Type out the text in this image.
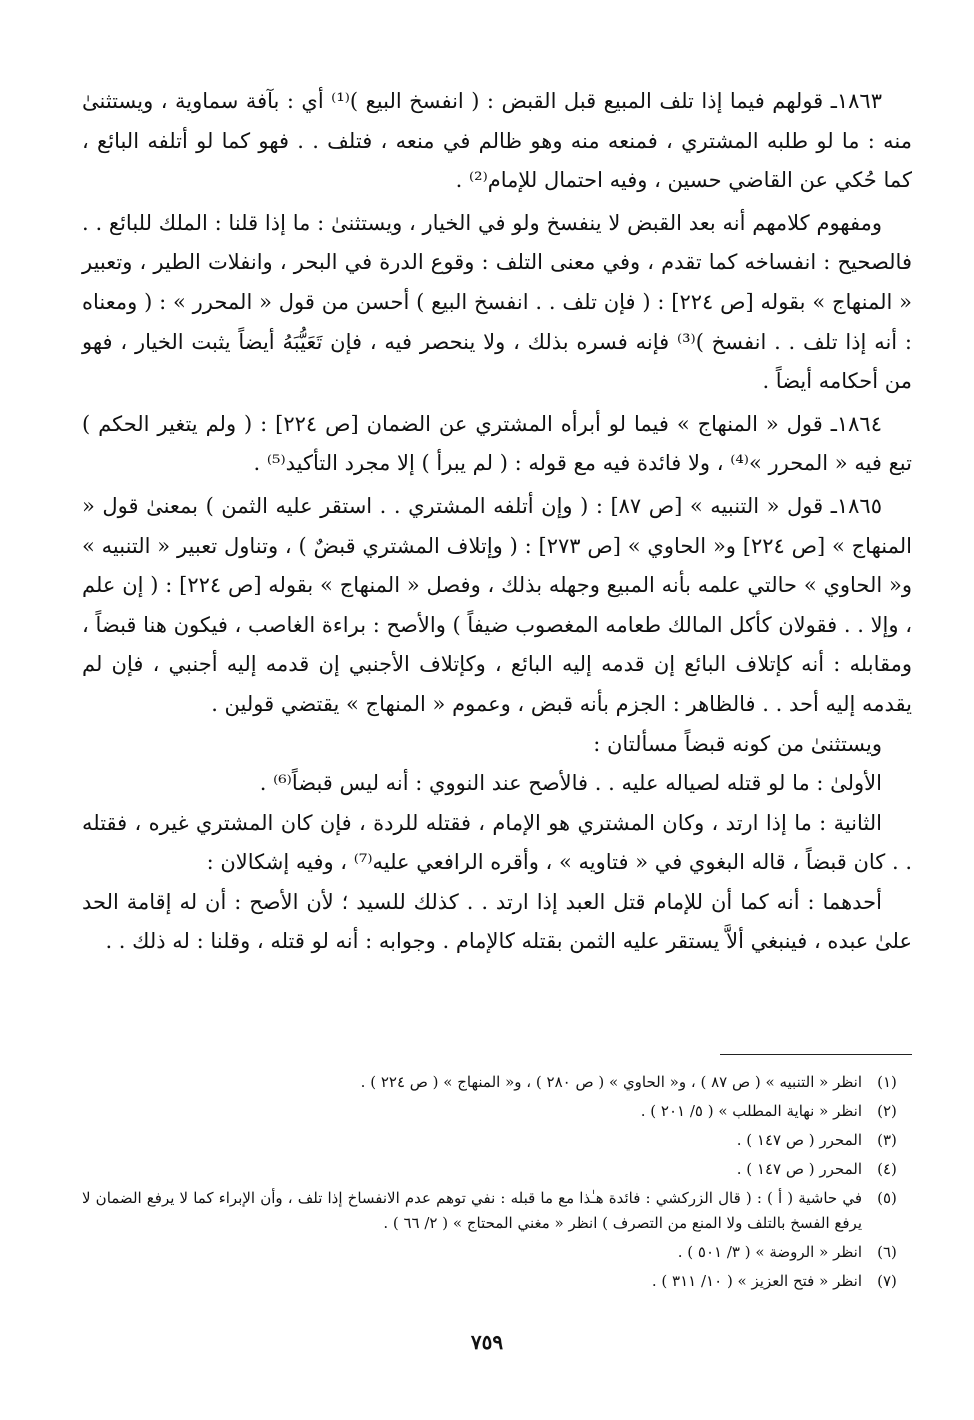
١٨٦٣ـ قولهم فيما إذا تلف المبيع قبل القبض : ( انفسخ البيع )⁽¹⁾ أي : بآفة سماوية ، ويستثنىٰ منه : ما لو طلبه المشتري ، فمنعه منه وهو ظالم في منعه ، فتلف . . فهو كما لو أتلفه البائع ، كما حُكي عن القاضي حسين ، وفيه احتمال للإمام⁽²⁾ .

ومفهوم كلامهم أنه بعد القبض لا ينفسخ ولو في الخيار ، ويستثنىٰ : ما إذا قلنا : الملك للبائع . . فالصحيح : انفساخه كما تقدم ، وفي معنى التلف : وقوع الدرة في البحر ، وانفلات الطير ، وتعبير « المنهاج » بقوله [ص ٢٢٤] : ( فإن تلف . . انفسخ البيع ) أحسن من قول « المحرر » : ( ومعناه : أنه إذا تلف . . انفسخ )⁽³⁾ فإنه فسره بذلك ، ولا ينحصر فيه ، فإن تَعَيُّبَهُ أيضاً يثبت الخيار ، فهو من أحكامه أيضاً .

١٨٦٤ـ قول « المنهاج » فيما لو أبرأه المشتري عن الضمان [ص ٢٢٤] : ( ولم يتغير الحكم ) تبع فيه « المحرر »⁽⁴⁾ ، ولا فائدة فيه مع قوله : ( لم يبرأ ) إلا مجرد التأكيد⁽⁵⁾ .

١٨٦٥ـ قول « التنبيه » [ص ٨٧] : ( وإن أتلفه المشتري . . استقر عليه الثمن ) بمعنىٰ قول « المنهاج » [ص ٢٢٤] و« الحاوي » [ص ٢٧٣] : ( وإتلاف المشتري قبضٌ ) ، وتناول تعبير « التنبيه » و« الحاوي » حالتي علمه بأنه المبيع وجهله بذلك ، وفصل « المنهاج » بقوله [ص ٢٢٤] : ( إن علم ، وإلا . . فقولان كأكل المالك طعامه المغصوب ضيفاً ) والأصح : براءة الغاصب ، فيكون هنا قبضاً ، ومقابله : أنه كإتلاف البائع إن قدمه إليه البائع ، وكإتلاف الأجنبي إن قدمه إليه أجنبي ، فإن لم يقدمه إليه أحد . . فالظاهر : الجزم بأنه قبض ، وعموم « المنهاج » يقتضي قولين .

ويستثنىٰ من كونه قبضاً مسألتان :

الأولىٰ : ما لو قتله لصياله عليه . . فالأصح عند النووي : أنه ليس قبضاً⁽⁶⁾ .

الثانية : ما إذا ارتد ، وكان المشتري هو الإمام ، فقتله للردة ، فإن كان المشتري غيره ، فقتله . . كان قبضاً ، قاله البغوي في « فتاويه » ، وأقره الرافعي عليه⁽⁷⁾ ، وفيه إشكالان :

أحدهما : أنه كما أن للإمام قتل العبد إذا ارتد . . كذلك للسيد ؛ لأن الأصح : أن له إقامة الحد علىٰ عبده ، فينبغي ألاَّ يستقر عليه الثمن بقتله كالإمام . وجوابه : أنه لو قتله ، وقلنا : له ذلك . .

(١)
انظر « التنبيه » ( ص ٨٧ ) ، و« الحاوي » ( ص ٢٨٠ ) ، و« المنهاج » ( ص ٢٢٤ ) .
(٢)
انظر « نهاية المطلب » ( ٥/ ٢٠١ ) .
(٣)
المحرر ( ص ١٤٧ ) .
(٤)
المحرر ( ص ١٤٧ ) .
(٥)
في حاشية ( أ ) : ( قال الزركشي : فائدة هـٰذا مع ما قبله : نفي توهم عدم الانفساخ إذا تلف ، وأن الإبراء كما لا يرفع الضمان لا يرفع الفسخ بالتلف ولا المنع من التصرف ) انظر « مغني المحتاج » ( ٢/ ٦٦ ) .
(٦)
انظر « الروضة » ( ٣/ ٥٠١ ) .
(٧)
انظر « فتح العزيز » ( ١٠/ ٣١١ ) .
٧٥٩
